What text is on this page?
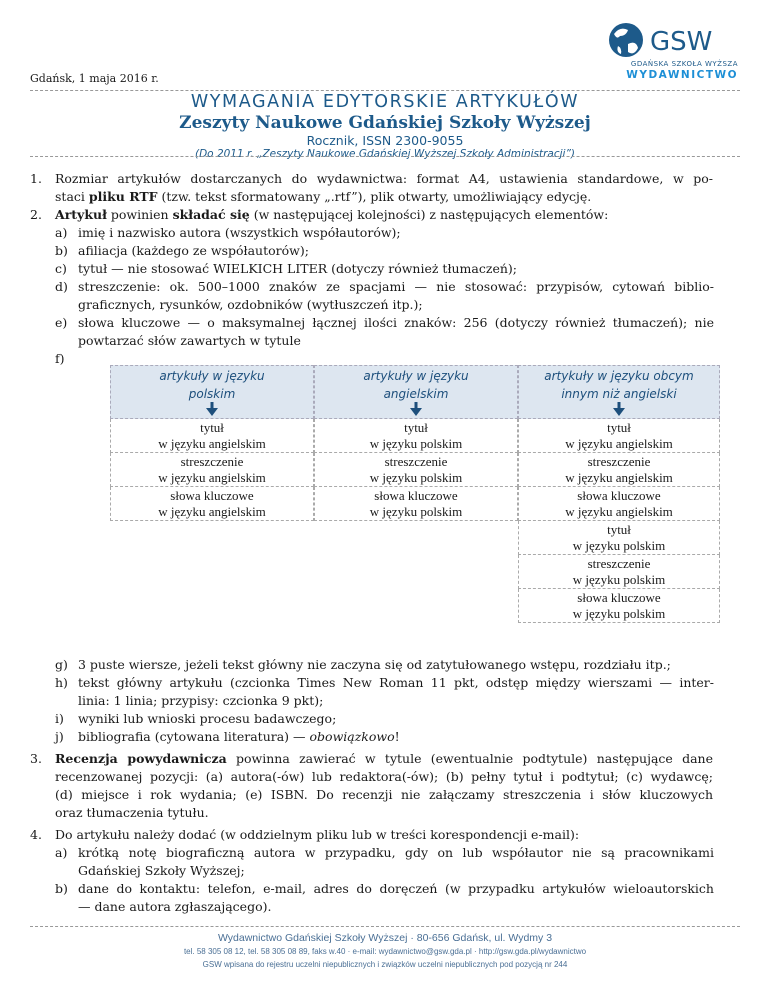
GSW
GDAŃSKA SZKOŁA WYŻSZA
WYDAWNICTWO
Gdańsk, 1 maja 2016 r.
WYMAGANIA EDYTORSKIE ARTYKUŁÓW
Zeszyty Naukowe Gdańskiej Szkoły Wyższej
Rocznik, ISSN 2300-9055
(Do 2011 r. „Zeszyty Naukowe Gdańskiej Wyższej Szkoły Administracji”)
1. Rozmiar artykułów dostarczanych do wydawnictwa: format A4, ustawienia standardowe, w po-
staci pliku RTF (tzw. tekst sformatowany „.rtf”), plik otwarty, umożliwiający edycję.
2. Artykuł powinien składać się (w następującej kolejności) z następujących elementów:
a) imię i nazwisko autora (wszystkich współautorów);
b) afiliacja (każdego ze współautorów);
c) tytuł — nie stosować WIELKICH LITER (dotyczy również tłumaczeń);
d) streszczenie: ok. 500–1000 znaków ze spacjami — nie stosować: przypisów, cytowań biblio-
graficznych, rysunków, ozdobników (wytłuszczeń itp.);
e) słowa kluczowe — o maksymalnej łącznej ilości znaków: 256 (dotyczy również tłumaczeń); nie
powtarzać słów zawartych w tytule
f)
artykuły w języku
polskim
artykuły w języku
angielskim
artykuły w języku obcym
innym niż angielski
tytuł
w języku angielskim
streszczenie
w języku angielskim
słowa kluczowe
w języku angielskim
tytuł
w języku polskim
streszczenie
w języku polskim
słowa kluczowe
w języku polskim
tytuł
w języku angielskim
streszczenie
w języku angielskim
słowa kluczowe
w języku angielskim
tytuł
w języku polskim
streszczenie
w języku polskim
słowa kluczowe
w języku polskim
g) 3 puste wiersze, jeżeli tekst główny nie zaczyna się od zatytułowanego wstępu, rozdziału itp.;
h) tekst główny artykułu (czcionka Times New Roman 11 pkt, odstęp między wierszami — inter-
linia: 1 linia; przypisy: czcionka 9 pkt);
i) wyniki lub wnioski procesu badawczego;
j) bibliografia (cytowana literatura) — obowiązkowo!
3. Recenzja powydawnicza powinna zawierać w tytule (ewentualnie podtytule) następujące dane
recenzowanej pozycji: (a) autora(-ów) lub redaktora(-ów); (b) pełny tytuł i podtytuł; (c) wydawcę;
(d) miejsce i rok wydania; (e) ISBN. Do recenzji nie załączamy streszczenia i słów kluczowych
oraz tłumaczenia tytułu.
4. Do artykułu należy dodać (w oddzielnym pliku lub w treści korespondencji e-mail):
a) krótką notę biograficzną autora w przypadku, gdy on lub współautor nie są pracownikami
Gdańskiej Szkoły Wyższej;
b) dane do kontaktu: telefon, e-mail, adres do doręczeń (w przypadku artykułów wieloautorskich
— dane autora zgłaszającego).
Wydawnictwo Gdańskiej Szkoły Wyższej · 80-656 Gdańsk, ul. Wydmy 3
tel. 58 305 08 12, tel. 58 305 08 89, faks w.40 · e-mail: wydawnictwo@gsw.gda.pl · http://gsw.gda.pl/wydawnictwo
GSW wpisana do rejestru uczelni niepublicznych i związków uczelni niepublicznych pod pozycją nr 244
